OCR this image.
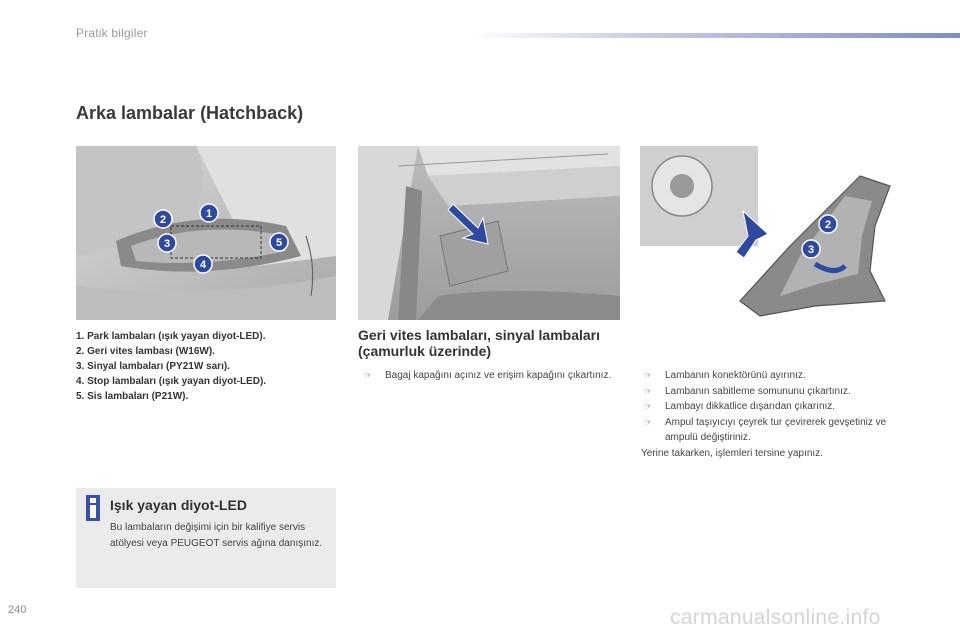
Pratik bilgiler
Arka lambalar (Hatchback)
1
2
3
4
5
2
3
1. Park lambaları (ışık yayan diyot-LED).
2. Geri vites lambası (W16W).
3. Sinyal lambaları (PY21W sarı).
4. Stop lambaları (ışık yayan diyot-LED).
5. Sis lambaları (P21W).
Geri vites lambaları, sinyal lambaları (çamurluk üzerinde)
☞ Bagaj kapağını açınız ve erişim kapağını çıkartınız.	☞ Lambanın konektörünü ayırınız.
☞ Lambanın sabitleme somununu çıkartınız.
☞ Lambayı dikkatlice dışarıdan çıkarınız.
☞ Ampul taşıyıcıyı çeyrek tur çevirerek gevşetiniz ve ampulü değiştiriniz.

Yerine takarken, işlemleri tersine yapınız.

Işık yayan diyot-LED

Bu lambaların değişimi için bir kalifiye servis atölyesi veya PEUGEOT servis ağına danışınız.

240	carmanualsonline.info
